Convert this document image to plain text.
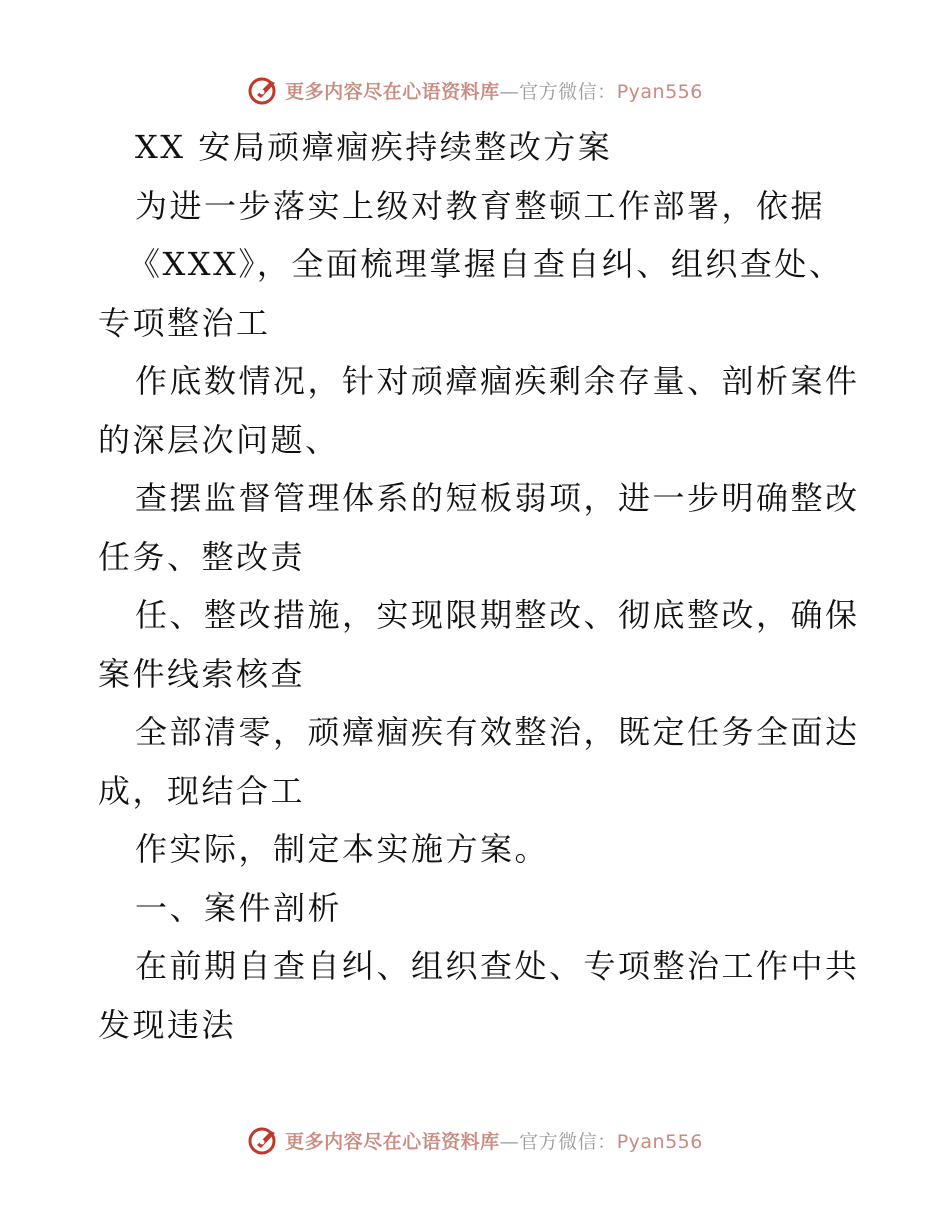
更多内容尽在心语资料库—官方微信：Pyan556
XX 安局顽瘴痼疾持续整改方案
为进一步落实上级对教育整顿工作部署，依据
《XXX》，全面梳理掌握自查自纠、组织查处、
专项整治工
作底数情况，针对顽瘴痼疾剩余存量、剖析案件
的深层次问题、
查摆监督管理体系的短板弱项，进一步明确整改
任务、整改责
任、整改措施，实现限期整改、彻底整改，确保
案件线索核查
全部清零，顽瘴痼疾有效整治，既定任务全面达
成，现结合工
作实际，制定本实施方案。
一、案件剖析
在前期自查自纠、组织查处、专项整治工作中共
发现违法
更多内容尽在心语资料库—官方微信：Pyan556
